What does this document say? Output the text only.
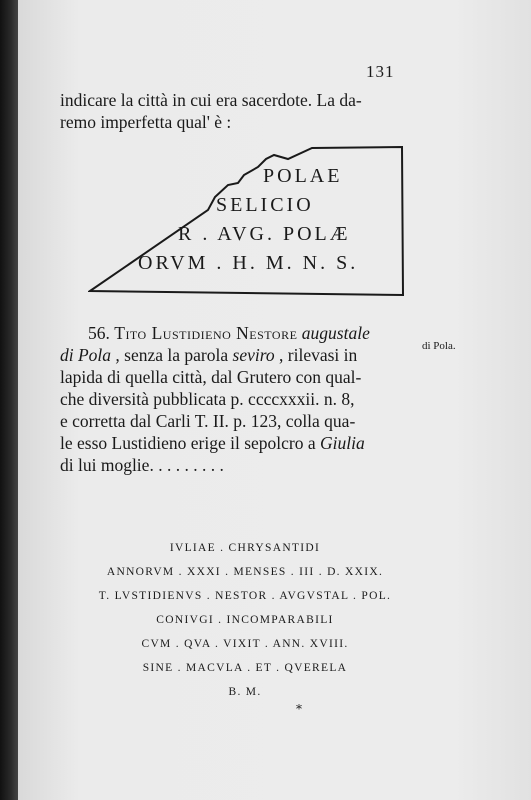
131

indicare la città in cui era sacerdote. La da-
remo imperfetta qual' è :

POLAE
SELICIO
R . AVG. POLÆ
ORVM . H. M. N. S.

56. Tito Lustidieno Nestore augustale
di Pola , senza la parola seviro , rilevasi in
lapida di quella città, dal Grutero con qual-
che diversità pubblicata p. ccccxxxii. n. 8,
e corretta dal Carli T. II. p. 123, colla qua-
le esso Lustidieno erige il sepolcro a Giulia
di lui moglie. . . . . . . . .

di Pola.
IVLIAE . CHRYSANTIDI
ANNORVM . XXXI . MENSES . III . D. XXIX.
T. LVSTIDIENVS . NESTOR . AVGVSTAL . POL.
CONIVGI . INCOMPARABILI
CVM . QVA . VIXIT . ANN. XVIII.
SINE . MACVLA . ET . QVERELA
B. M.
*
